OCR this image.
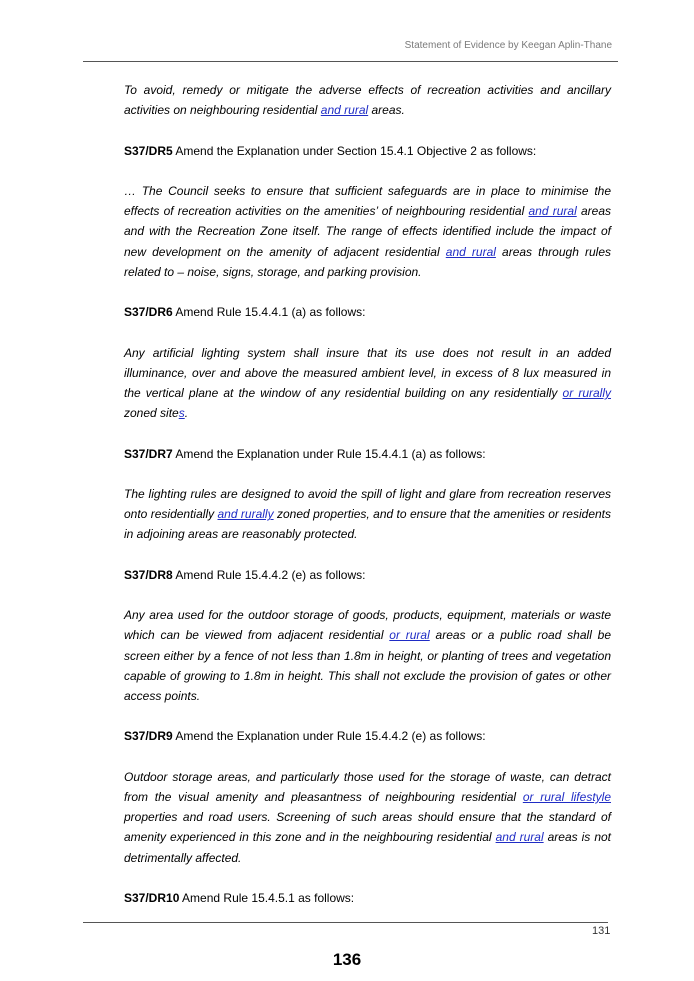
Statement of Evidence by Keegan Aplin-Thane

To avoid, remedy or mitigate the adverse effects of recreation activities and ancillary activities on neighbouring residential and rural areas.

S37/DR5 Amend the Explanation under Section 15.4.1 Objective 2 as follows:

… The Council seeks to ensure that sufficient safeguards are in place to minimise the effects of recreation activities on the amenities’ of neighbouring residential and rural areas and with the Recreation Zone itself. The range of effects identified include the impact of new development on the amenity of adjacent residential and rural areas through rules related to – noise, signs, storage, and parking provision.

S37/DR6 Amend Rule 15.4.4.1 (a) as follows:

Any artificial lighting system shall insure that its use does not result in an added illuminance, over and above the measured ambient level, in excess of 8 lux measured in the vertical plane at the window of any residential building on any residentially or rurally zoned sites.

S37/DR7 Amend the Explanation under Rule 15.4.4.1 (a) as follows:

The lighting rules are designed to avoid the spill of light and glare from recreation reserves onto residentially and rurally zoned properties, and to ensure that the amenities or residents in adjoining areas are reasonably protected.

S37/DR8 Amend Rule 15.4.4.2 (e) as follows:

Any area used for the outdoor storage of goods, products, equipment, materials or waste which can be viewed from adjacent residential or rural areas or a public road shall be screen either by a fence of not less than 1.8m in height, or planting of trees and vegetation capable of growing to 1.8m in height. This shall not exclude the provision of gates or other access points.

S37/DR9 Amend the Explanation under Rule 15.4.4.2 (e) as follows:

Outdoor storage areas, and particularly those used for the storage of waste, can detract from the visual amenity and pleasantness of neighbouring residential or rural lifestyle properties and road users. Screening of such areas should ensure that the standard of amenity experienced in this zone and in the neighbouring residential and rural areas is not detrimentally affected.

S37/DR10 Amend Rule 15.4.5.1 as follows:

131
136
